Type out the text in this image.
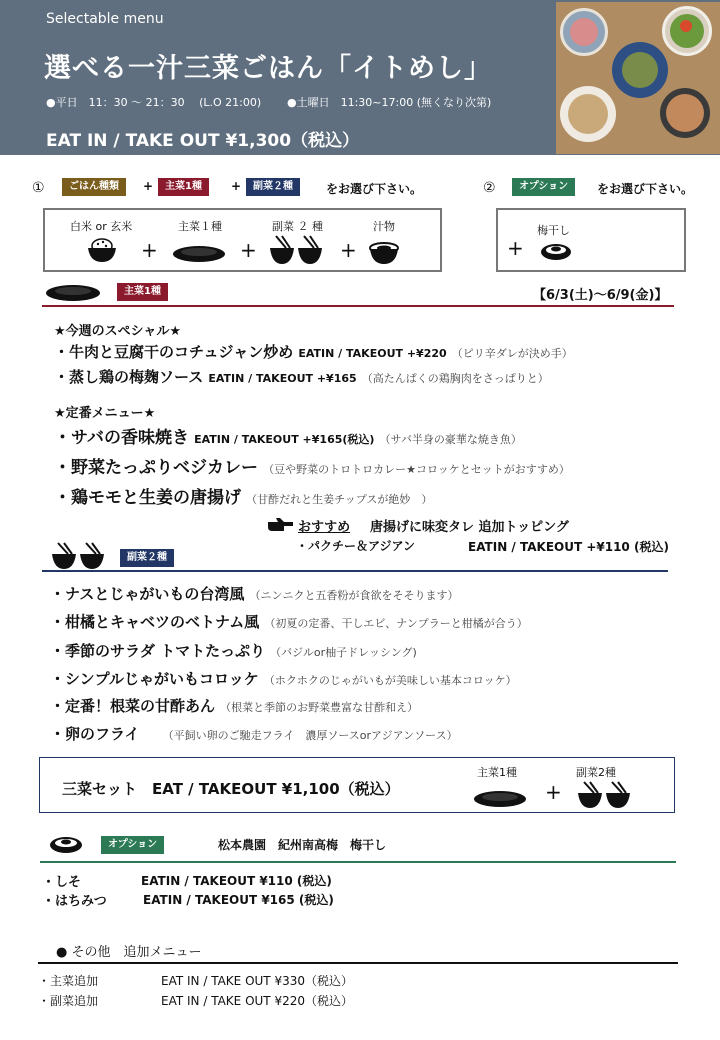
Selectable menu
選べる一汁三菜ごはん「イトめし」
●平日　11：30 ～ 21：30　 (L.O 21:00) ●土曜日　11:30~17:00 (無くなり次第)
EAT IN / TAKE OUT ¥1,300（税込）
①	ごはん種類	+	主菜1種	+	副菜２種	をお選び下さい。	②	オプション	をお選び下さい。
白米 or 玄米	主菜１種	副菜 ２ 種	汁物
+	+	+
梅干し
+
主菜1種	【6/3(土)～6/9(金)】
★今週のスペシャル★
・牛肉と豆腐干のコチュジャン炒め EATIN / TAKEOUT +¥220 （ピリ辛ダレが決め手）
・蒸し鶏の梅麹ソース EATIN / TAKEOUT +¥165 （高たんぱくの鶏胸肉をさっぱりと）
★定番メニュー★
・サバの香味焼き EATIN / TAKEOUT +¥165(税込) （サバ半身の豪華な焼き魚）
・野菜たっぷりベジカレー （豆や野菜のトロトロカレー★コロッケとセットがおすすめ）
・鶏モモと生姜の唐揚げ （甘酢だれと生姜チップスが絶妙　）
おすすめ 唐揚げに味変タレ 追加トッピング
・パクチー＆アジアン	EATIN / TAKEOUT +¥110 (税込)
副菜２種
・ナスとじゃがいもの台湾風 （ニンニクと五香粉が食欲をそそります）
・柑橘とキャベツのベトナム風 （初夏の定番、干しエビ、ナンプラーと柑橘が合う）
・季節のサラダ トマトたっぷり （バジルor柚子ドレッシング)
・シンプルじゃがいもコロッケ （ホクホクのじゃがいもが美味しい基本コロッケ）
・定番！根菜の甘酢あん （根菜と季節のお野菜豊富な甘酢和え）
・卵のフライ （平飼い卵のご馳走フライ　濃厚ソースorアジアンソース）
三菜セット　EAT / TAKEOUT ¥1,100（税込）
主菜1種	副菜2種
+
オプション	松本農園　紀州南高梅　梅干し
・しそ	EATIN / TAKEOUT ¥110 (税込)
・はちみつ	EATIN / TAKEOUT ¥165 (税込)
● その他　追加メニュー
・主菜追加	EAT IN / TAKE OUT ¥330（税込）
・副菜追加	EAT IN / TAKE OUT ¥220（税込）
